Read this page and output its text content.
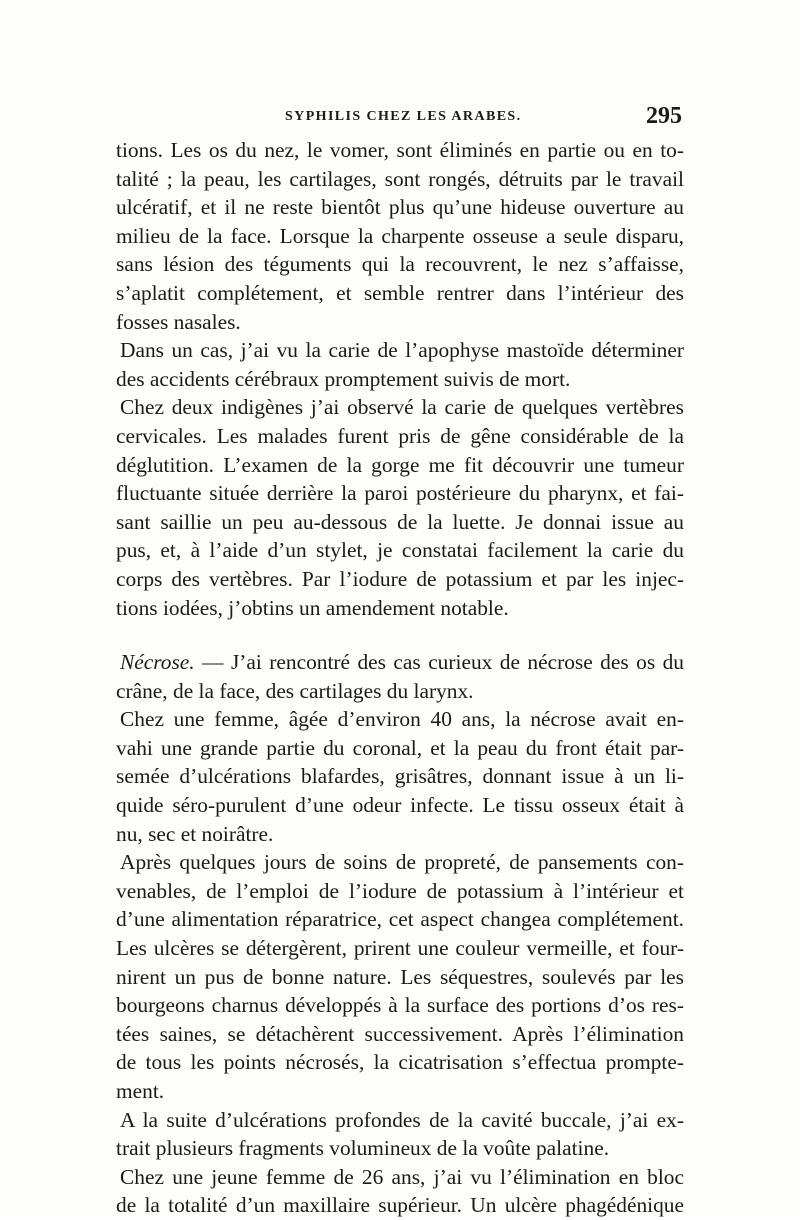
SYPHILIS CHEZ LES ARABES.	295
tions. Les os du nez, le vomer, sont éliminés en partie ou en to-
talité ; la peau, les cartilages, sont rongés, détruits par le travail
ulcératif, et il ne reste bientôt plus qu’une hideuse ouverture au
milieu de la face. Lorsque la charpente osseuse a seule disparu,
sans lésion des téguments qui la recouvrent, le nez s’affaisse,
s’aplatit complétement, et semble rentrer dans l’intérieur des
fosses nasales.
Dans un cas, j’ai vu la carie de l’apophyse mastoïde déterminer
des accidents cérébraux promptement suivis de mort.
Chez deux indigènes j’ai observé la carie de quelques vertèbres
cervicales. Les malades furent pris de gêne considérable de la
déglutition. L’examen de la gorge me fit découvrir une tumeur
fluctuante située derrière la paroi postérieure du pharynx, et fai-
sant saillie un peu au-dessous de la luette. Je donnai issue au
pus, et, à l’aide d’un stylet, je constatai facilement la carie du
corps des vertèbres. Par l’iodure de potassium et par les injec-
tions iodées, j’obtins un amendement notable.
Nécrose. — J’ai rencontré des cas curieux de nécrose des os du
crâne, de la face, des cartilages du larynx.
Chez une femme, âgée d’environ 40 ans, la nécrose avait en-
vahi une grande partie du coronal, et la peau du front était par-
semée d’ulcérations blafardes, grisâtres, donnant issue à un li-
quide séro-purulent d’une odeur infecte. Le tissu osseux était à
nu, sec et noirâtre.
Après quelques jours de soins de propreté, de pansements con-
venables, de l’emploi de l’iodure de potassium à l’intérieur et
d’une alimentation réparatrice, cet aspect changea complétement.
Les ulcères se détergèrent, prirent une couleur vermeille, et four-
nirent un pus de bonne nature. Les séquestres, soulevés par les
bourgeons charnus développés à la surface des portions d’os res-
tées saines, se détachèrent successivement. Après l’élimination
de tous les points nécrosés, la cicatrisation s’effectua prompte-
ment.
A la suite d’ulcérations profondes de la cavité buccale, j’ai ex-
trait plusieurs fragments volumineux de la voûte palatine.
Chez une jeune femme de 26 ans, j’ai vu l’élimination en bloc
de la totalité d’un maxillaire supérieur. Un ulcère phagédénique
